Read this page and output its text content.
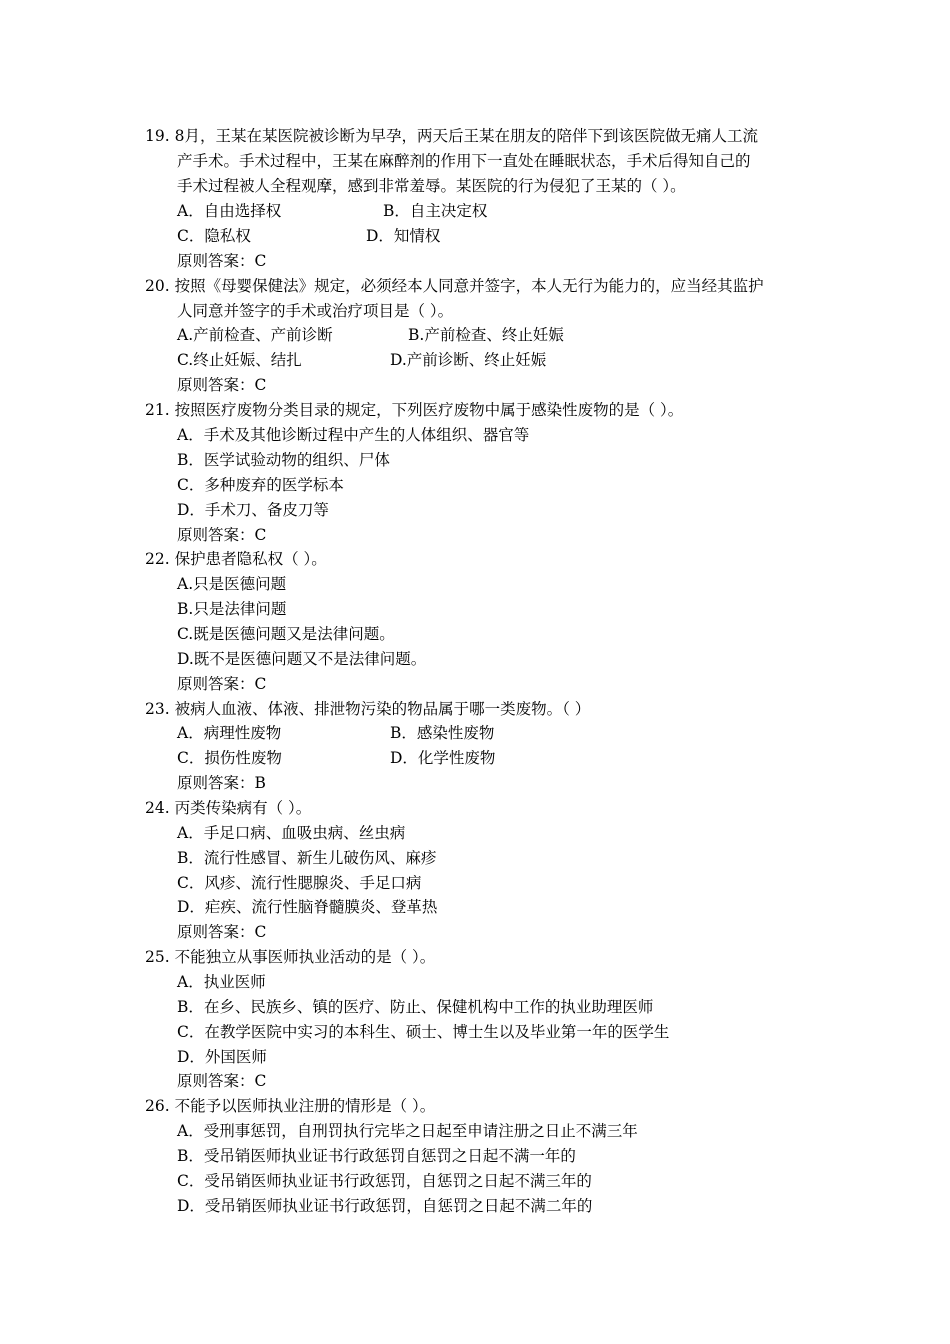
19. 8月，王某在某医院被诊断为早孕，两天后王某在朋友的陪伴下到该医院做无痛人工流
产手术。手术过程中，王某在麻醉剂的作用下一直处在睡眠状态，手术后得知自己的
手术过程被人全程观摩，感到非常羞辱。某医院的行为侵犯了王某的（ ）。
A．自由选择权	B．自主决定权
C．隐私权	D．知情权
原则答案：C
20. 按照《母婴保健法》规定，必须经本人同意并签字，本人无行为能力的，应当经其监护
人同意并签字的手术或治疗项目是（ ）。
A.产前检查、产前诊断	B.产前检查、终止妊娠
C.终止妊娠、结扎	D.产前诊断、终止妊娠
原则答案：C
21. 按照医疗废物分类目录的规定，下列医疗废物中属于感染性废物的是（ ）。
A．手术及其他诊断过程中产生的人体组织、器官等
B．医学试验动物的组织、尸体
C．多种废弃的医学标本
D．手术刀、备皮刀等
原则答案：C
22. 保护患者隐私权（ ）。
A.只是医德问题
B.只是法律问题
C.既是医德问题又是法律问题。
D.既不是医德问题又不是法律问题。
原则答案：C
23. 被病人血液、体液、排泄物污染的物品属于哪一类废物。（ ）
A．病理性废物	B．感染性废物
C．损伤性废物	D．化学性废物
原则答案：B
24. 丙类传染病有（ ）。
A．手足口病、血吸虫病、丝虫病
B．流行性感冒、新生儿破伤风、麻疹
C．风疹、流行性腮腺炎、手足口病
D．疟疾、流行性脑脊髓膜炎、登革热
原则答案：C
25. 不能独立从事医师执业活动的是（ ）。
A．执业医师
B．在乡、民族乡、镇的医疗、防止、保健机构中工作的执业助理医师
C．在教学医院中实习的本科生、硕士、博士生以及毕业第一年的医学生
D．外国医师
原则答案：C
26. 不能予以医师执业注册的情形是（ ）。
A．受刑事惩罚，自刑罚执行完毕之日起至申请注册之日止不满三年
B．受吊销医师执业证书行政惩罚自惩罚之日起不满一年的
C．受吊销医师执业证书行政惩罚，自惩罚之日起不满三年的
D．受吊销医师执业证书行政惩罚，自惩罚之日起不满二年的
